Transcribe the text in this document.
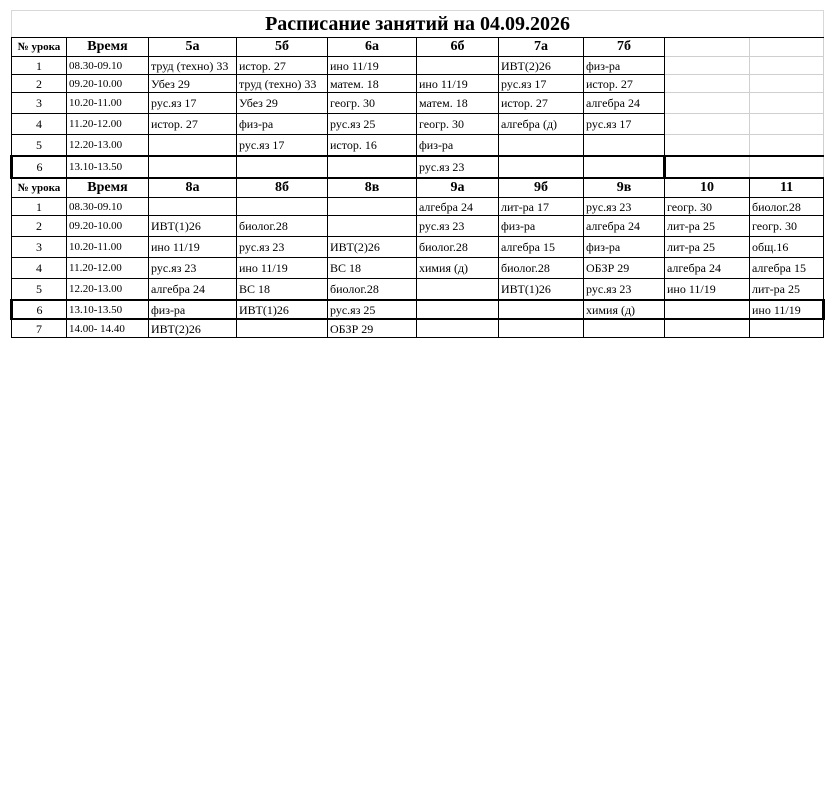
Расписание занятий на 04.09.2026									
№ урока	Время	5а	5б	6а	6б	7а	7б		
1	08.30-09.10	труд (техно) 33	истор. 27	ино 11/19		ИВТ(2)26	физ-ра		
2	09.20-10.00	Убез 29	труд (техно) 33	матем. 18	ино 11/19	рус.яз 17	истор. 27		
3	10.20-11.00	рус.яз 17	Убез 29	геогр. 30	матем. 18	истор. 27	алгебра 24		
4	11.20-12.00	истор. 27	физ-ра	рус.яз 25	геогр. 30	алгебра (д)	рус.яз 17		
5	12.20-13.00		рус.яз 17	истор. 16	физ-ра				
6	13.10-13.50				рус.яз 23				
№ урока	Время	8а	8б	8в	9а	9б	9в	10	11
1	08.30-09.10				алгебра 24	лит-ра 17	рус.яз 23	геогр. 30	биолог.28
2	09.20-10.00	ИВТ(1)26	биолог.28		рус.яз 23	физ-ра	алгебра 24	лит-ра 25	геогр. 30
3	10.20-11.00	ино 11/19	рус.яз 23	ИВТ(2)26	биолог.28	алгебра 15	физ-ра	лит-ра 25	общ.16
4	11.20-12.00	рус.яз 23	ино 11/19	ВС 18	химия (д)	биолог.28	ОБЗР 29	алгебра 24	алгебра 15
5	12.20-13.00	алгебра 24	ВС 18	биолог.28		ИВТ(1)26	рус.яз 23	ино 11/19	лит-ра 25
6	13.10-13.50	физ-ра	ИВТ(1)26	рус.яз 25			химия (д)		ино 11/19
7	14.00- 14.40	ИВТ(2)26		ОБЗР 29					
